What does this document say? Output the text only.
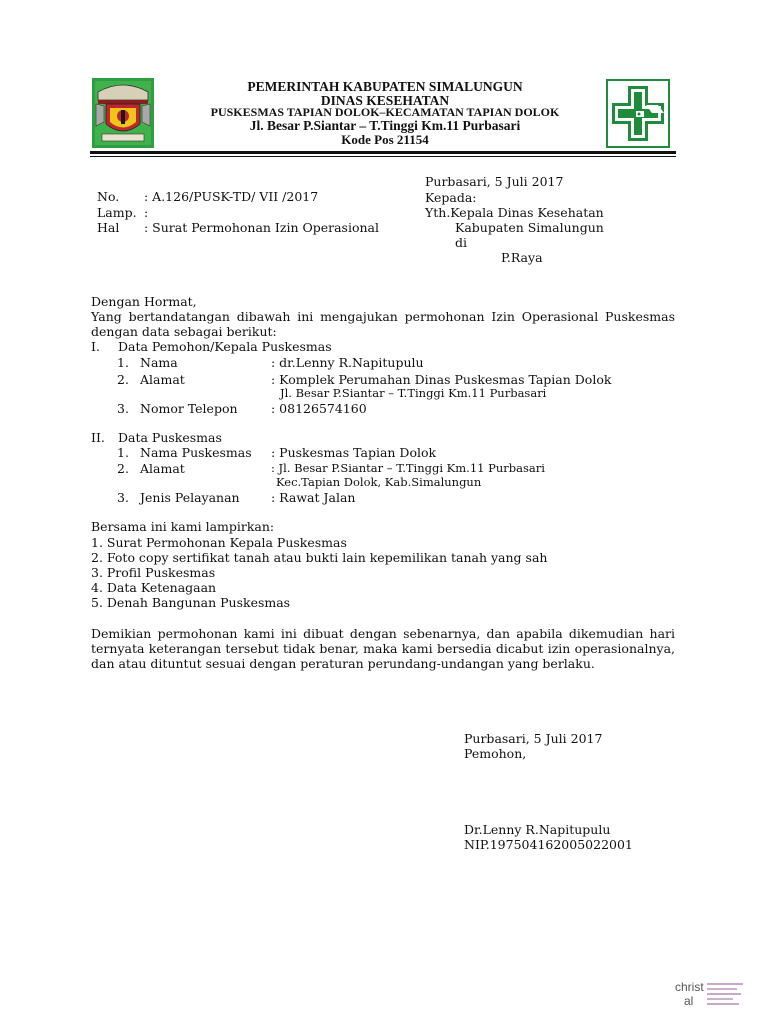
PEMERINTAH KABUPATEN SIMALUNGUN
DINAS KESEHATAN
PUSKESMAS TAPIAN DOLOK–KECAMATAN TAPIAN DOLOK
Jl. Besar P.Siantar – T.Tinggi Km.11 Purbasari
Kode Pos 21154
Purbasari, 5 Juli 2017
No. : A.126/PUSK-TD/ VII /2017
Lamp. :
Hal : Surat Permohonan Izin Operasional
Kepada:
Yth.Kepala Dinas Kesehatan
Kabupaten Simalungun
di
P.Raya
Dengan Hormat,
Yang bertandatangan dibawah ini mengajukan permohonan Izin Operasional Puskesmas dengan data sebagai berikut:
I. Data Pemohon/Kepala Puskesmas
1. Nama	: dr.Lenny R.Napitupulu
2. Alamat	: Komplek Perumahan Dinas Puskesmas Tapian Dolok
Jl. Besar P.Siantar – T.Tinggi Km.11 Purbasari
3. Nomor Telepon	: 08126574160
II. Data Puskesmas
1. Nama Puskesmas : Puskesmas Tapian Dolok
2. Alamat	: Jl. Besar P.Siantar – T.Tinggi Km.11 Purbasari
Kec.Tapian Dolok, Kab.Simalungun
3. Jenis Pelayanan	: Rawat Jalan
Bersama ini kami lampirkan:
1. Surat Permohonan Kepala Puskesmas
2. Foto copy sertifikat tanah atau bukti lain kepemilikan tanah yang sah
3. Profil Puskesmas
4. Data Ketenagaan
5. Denah Bangunan Puskesmas
Demikian permohonan kami ini dibuat dengan sebenarnya, dan apabila dikemudian hari ternyata keterangan tersebut tidak benar, maka kami bersedia dicabut izin operasionalnya, dan atau dituntut sesuai dengan peraturan perundang-undangan yang berlaku.
Purbasari, 5 Juli 2017
Pemohon,
Dr.Lenny R.Napitupulu
NIP.197504162005022001
christ
al
